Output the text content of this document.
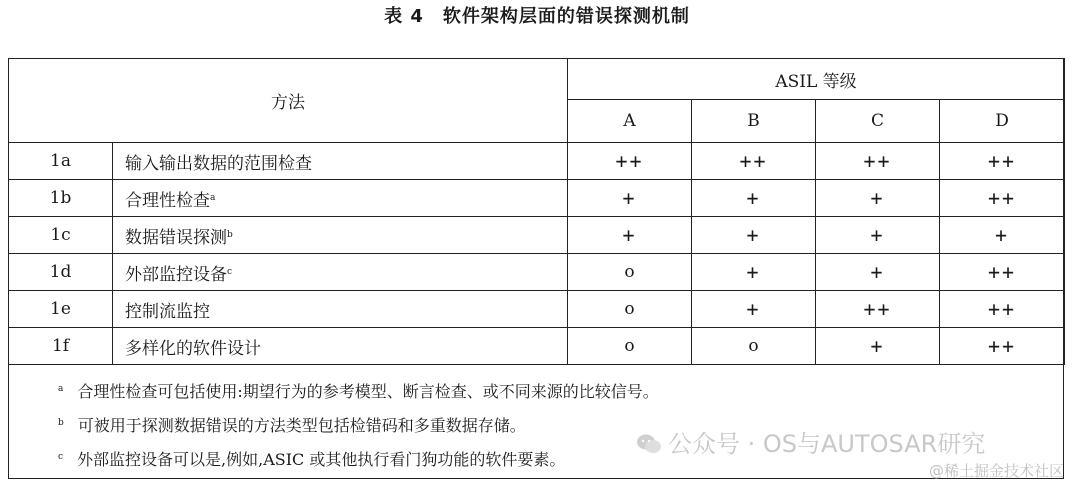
表 4　软件架构层面的错误探测机制
方法		ASIL 等级			
		A	B	C	D
1a	输入输出数据的范围检查	++	++	++	++
1b	合理性检查$^a$	+	+	+	++
1c	数据错误探测$^b$	+	+	+	+
1d	外部监控设备$^c$	o	+	+	++
1e	控制流监控	o	+	++	++
1f	多样化的软件设计	o	o	+	++
$^a$ 合理性检查可包括使用:期望行为的参考模型、断言检查、或不同来源的比较信号。
$^b$ 可被用于探测数据错误的方法类型包括检错码和多重数据存储。
$^c$ 外部监控设备可以是,例如,ASIC 或其他执行看门狗功能的软件要素。
公众号 · OS与AUTOSAR研究
@稀土掘金技术社区
